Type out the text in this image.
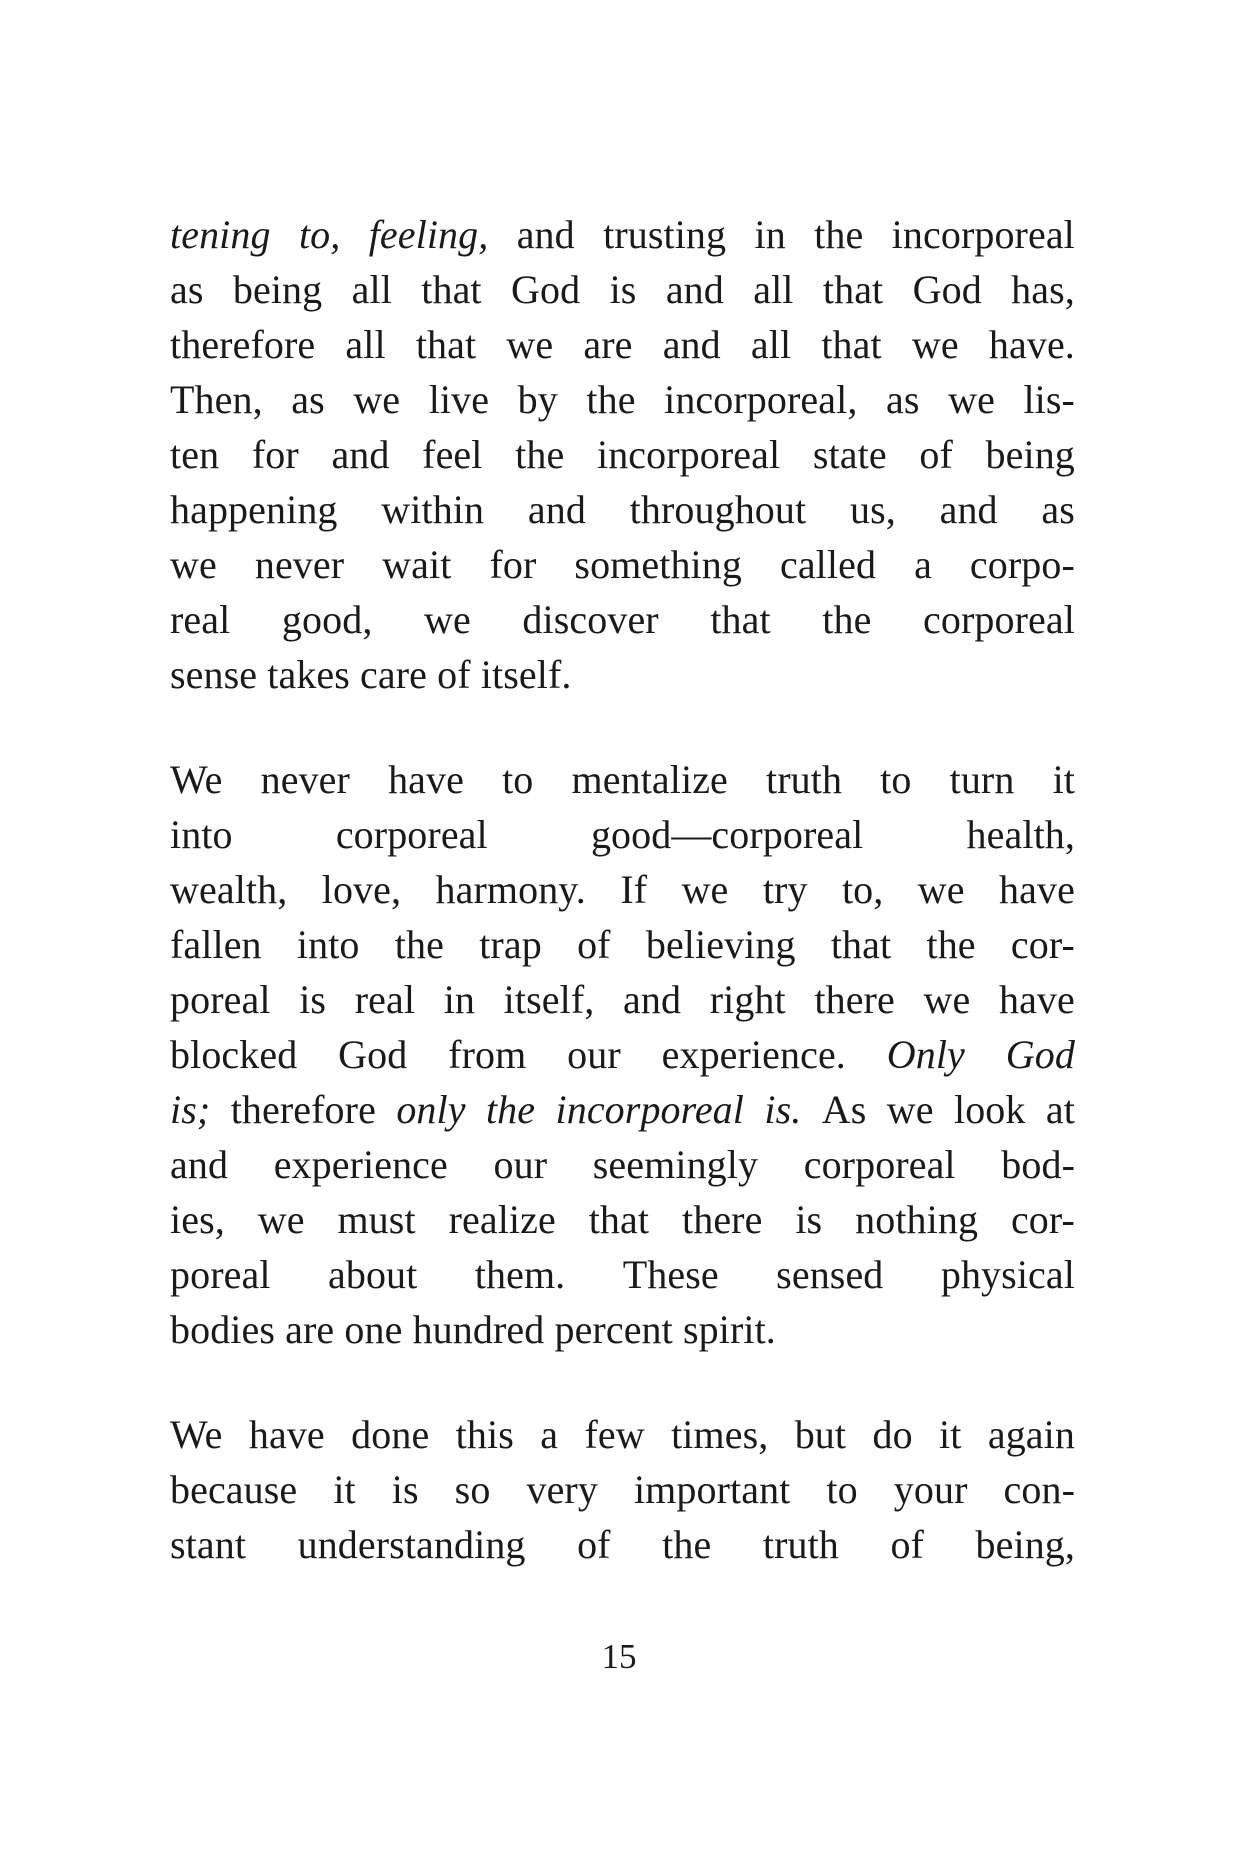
tening to, feeling, and trusting in the incorporeal
as being all that God is and all that God has,
therefore all that we are and all that we have.
Then, as we live by the incorporeal, as we lis-
ten for and feel the incorporeal state of being
happening within and throughout us, and as
we never wait for something called a corpo-
real good, we discover that the corporeal
sense takes care of itself.
We never have to mentalize truth to turn it
into	corporeal	good—corporeal	health,
wealth, love, harmony. If we try to, we have
fallen into the trap of believing that the cor-
poreal is real in itself, and right there we have
blocked God from our experience. Only God
is; therefore only the incorporeal is. As we look at
and experience our seemingly corporeal bod-
ies, we must realize that there is nothing cor-
poreal about them. These sensed physical
bodies are one hundred percent spirit.
We have done this a few times, but do it again
because it is so very important to your con-
stant understanding of the truth of being,
15
